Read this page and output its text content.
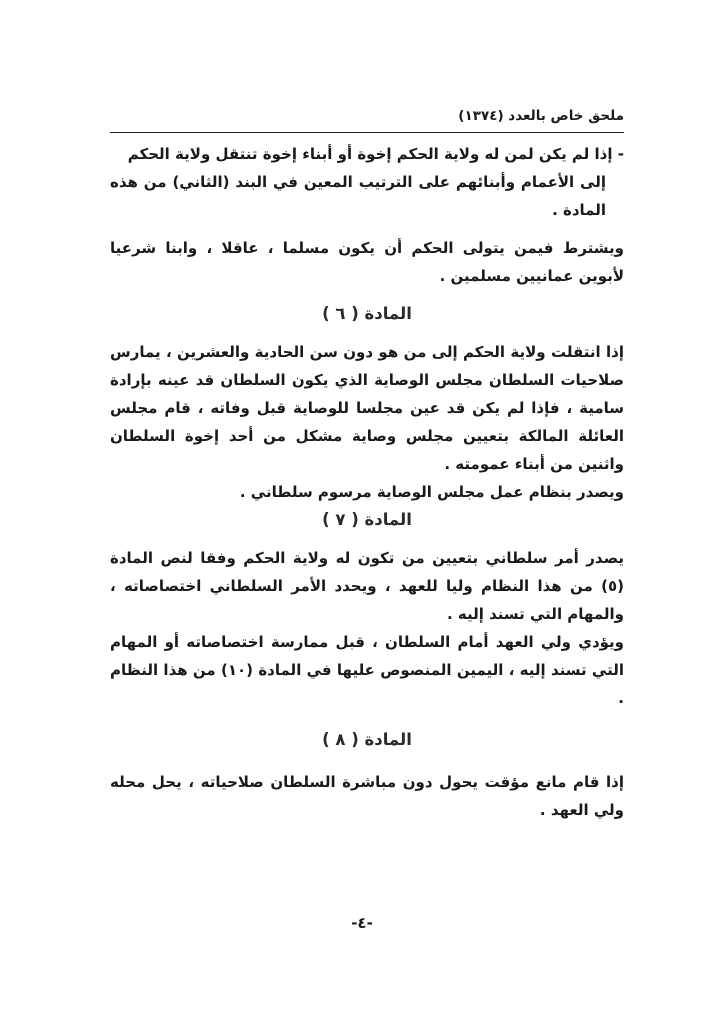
ملحق خاص بالعدد (١٣٧٤)

- إذا لم يكن لمن له ولاية الحكم إخوة أو أبناء إخوة تنتقل ولاية الحكم

إلى الأعمام وأبنائهم على الترتيب المعين في البند (الثاني) من هذه المادة .

ويشترط فيمن يتولى الحكم أن يكون مسلما ، عاقلا ، وابنا شرعيا لأبوين عمانيين مسلمين .

المادة ( ٦ )

إذا انتقلت ولاية الحكم إلى من هو دون سن الحادية والعشرين ، يمارس صلاحيات السلطان مجلس الوصاية الذي يكون السلطان قد عينه بإرادة سامية ، فإذا لم يكن قد عين مجلسا للوصاية قبل وفاته ، قام مجلس العائلة المالكة بتعيين مجلس وصاية مشكل من أحد إخوة السلطان واثنين من أبناء عمومته .

ويصدر بنظام عمل مجلس الوصاية مرسوم سلطاني .

المادة ( ٧ )

يصدر أمر سلطاني بتعيين من تكون له ولاية الحكم وفقا لنص المادة (٥) من هذا النظام وليا للعهد ، ويحدد الأمر السلطاني اختصاصاته ، والمهام التي تسند إليه .

ويؤدي ولي العهد أمام السلطان ، قبل ممارسة اختصاصاته أو المهام التي تسند إليه ، اليمين المنصوص عليها في المادة (١٠) من هذا النظام .

المادة ( ٨ )

إذا قام مانع مؤقت يحول دون مباشرة السلطان صلاحياته ، يحل محله ولي العهد .

-٤-
